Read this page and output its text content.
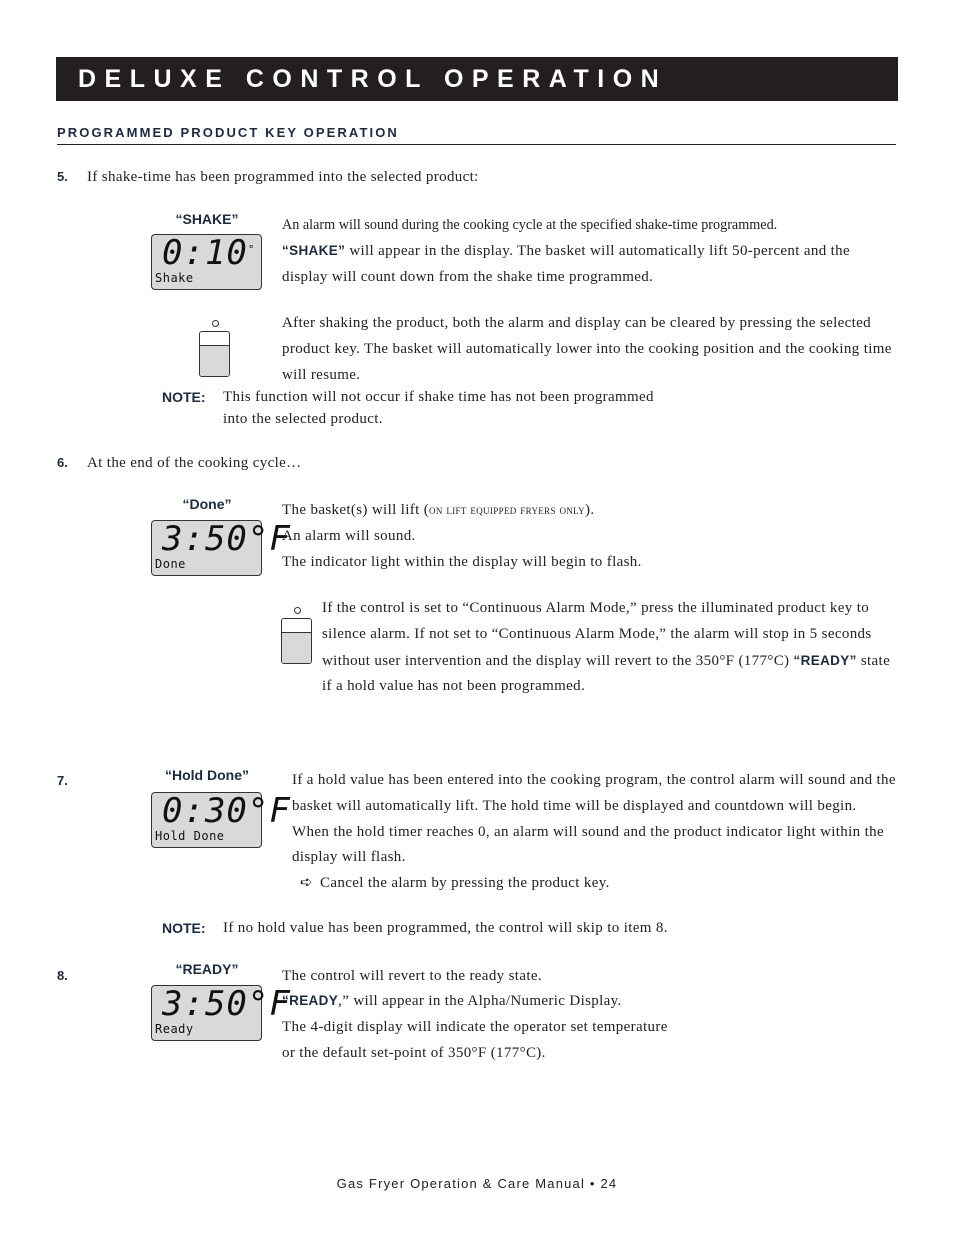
DELUXE CONTROL OPERATION
PROGRAMMED PRODUCT KEY OPERATION
5. If shake-time has been programmed into the selected product:
“SHAKE”
0:10°
Shake
An alarm will sound during the cooking cycle at the specified shake-time programmed.
“SHAKE” will appear in the display. The basket will automatically lift 50-percent and the display will count down from the shake time programmed.
After shaking the product, both the alarm and display can be cleared by pressing the selected product key. The basket will automatically lower into the cooking position and the cooking time will resume.
NOTE: This function will not occur if shake time has not been programmed
into the selected product.
6. At the end of the cooking cycle…
“Done”
3:50°F
Done
The basket(s) will lift (on lift equipped fryers only).
An alarm will sound.
The indicator light within the display will begin to flash.
If the control is set to “Continuous Alarm Mode,” press the illuminated product key to silence alarm. If not set to “Continuous Alarm Mode,” the alarm will stop in 5 seconds without user intervention and the display will revert to the 350°F (177°C) “READY” state if a hold value has not been programmed.
7.	“Hold Done”
0:30°F
Hold Done
If a hold value has been entered into the cooking program, the control alarm will sound and the basket will automatically lift. The hold time will be displayed and countdown will begin. When the hold timer reaches 0, an alarm will sound and the product indicator light within the display will flash.
➪ Cancel the alarm by pressing the product key.
NOTE: If no hold value has been programmed, the control will skip to item 8.
8.	“READY”
3:50°F
Ready
The control will revert to the ready state.
“READY,” will appear in the Alpha/Numeric Display.
The 4-digit display will indicate the operator set temperature
or the default set-point of 350°F (177°C).
Gas Fryer Operation & Care Manual • 24
